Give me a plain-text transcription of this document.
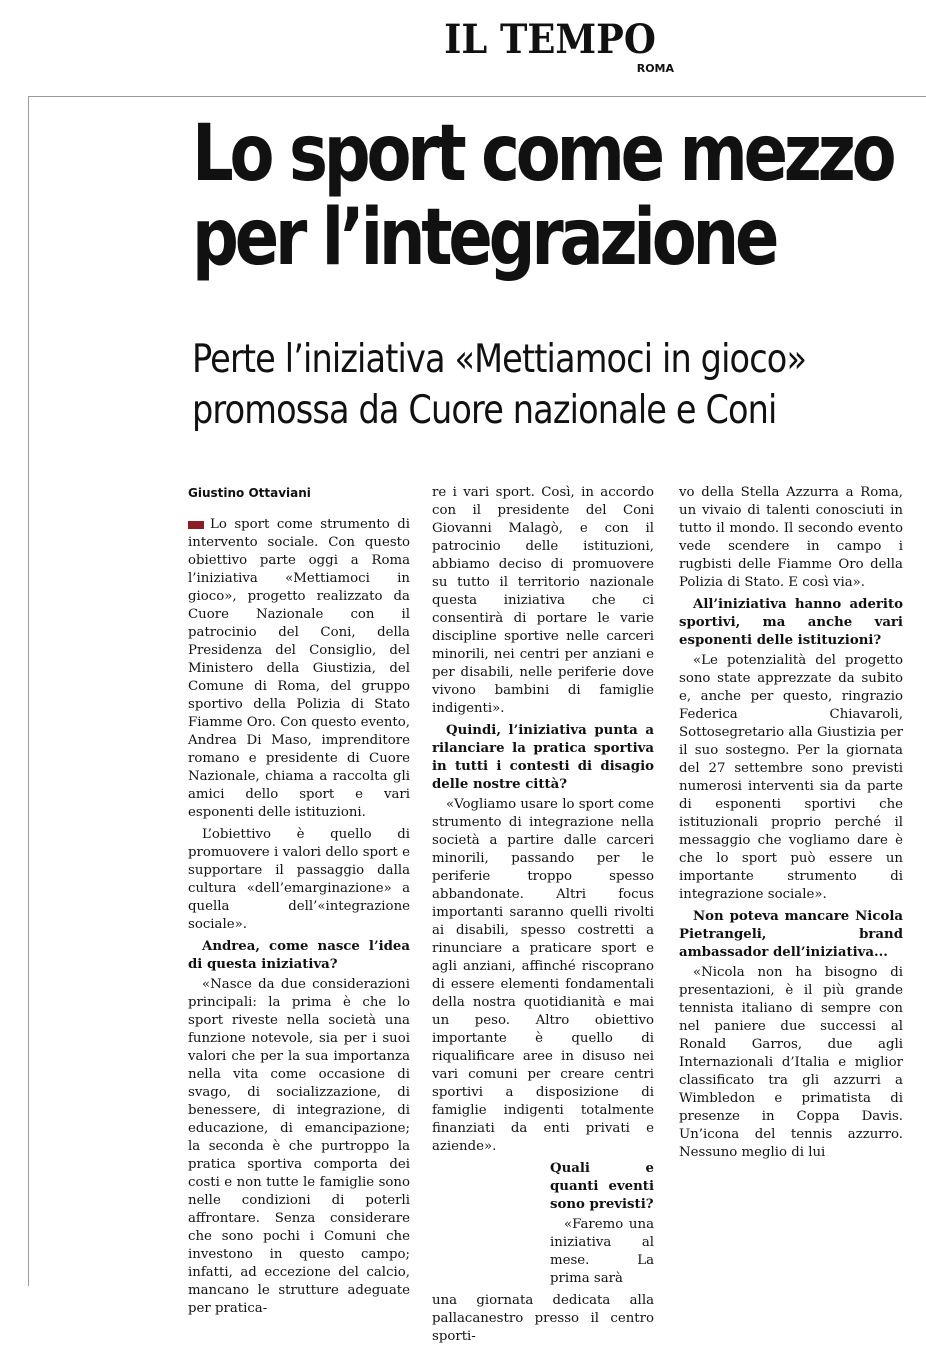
IL TEMPO
ROMA
Lo sport come mezzo
per l’integrazione
Perte l’iniziativa «Mettiamoci in gioco»
promossa da Cuore nazionale e Coni
Giustino Ottaviani

Lo sport come strumento di intervento sociale. Con questo obiettivo parte oggi a Roma l’iniziativa «Mettiamoci in gioco», progetto realizzato da Cuore Nazionale con il patrocinio del Coni, della Presidenza del Consiglio, del Ministero della Giustizia, del Comune di Roma, del gruppo sportivo della Polizia di Stato Fiamme Oro. Con questo evento, Andrea Di Maso, imprenditore romano e presidente di Cuore Nazionale, chiama a raccolta gli amici dello sport e vari esponenti delle istituzioni.

L’obiettivo è quello di promuovere i valori dello sport e supportare il passaggio dalla cultura «dell’emarginazione» a quella dell’«integrazione sociale».

Andrea, come nasce l’idea di questa iniziativa?

«Nasce da due considerazioni principali: la prima è che lo sport riveste nella società una funzione notevole, sia per i suoi valori che per la sua importanza nella vita come occasione di svago, di socializzazione, di benessere, di integrazione, di educazione, di emancipazione; la seconda è che purtroppo la pratica sportiva comporta dei costi e non tutte le famiglie sono nelle condizioni di poterli affrontare. Senza considerare che sono pochi i Comuni che investono in questo campo; infatti, ad eccezione del calcio, mancano le strutture adeguate per pratica-

re i vari sport. Così, in accordo con il presidente del Coni Giovanni Malagò, e con il patrocinio delle istituzioni, abbiamo deciso di promuovere su tutto il territorio nazionale questa iniziativa che ci consentirà di portare le varie discipline sportive nelle carceri minorili, nei centri per anziani e per disabili, nelle periferie dove vivono bambini di famiglie indigenti».

Quindi, l’iniziativa punta a rilanciare la pratica sportiva in tutti i contesti di disagio delle nostre città?

«Vogliamo usare lo sport come strumento di integrazione nella società a partire dalle carceri minorili, passando per le periferie troppo spesso abbandonate. Altri focus importanti saranno quelli rivolti ai disabili, spesso costretti a rinunciare a praticare sport e agli anziani, affinché riscoprano di essere elementi fondamentali della nostra quotidianità e mai un peso. Altro obiettivo importante è quello di riqualificare aree in disuso nei vari comuni per creare centri sportivi a disposizione di famiglie indigenti totalmente finanziati da enti privati e aziende».

Quali e quanti eventi sono previsti?

«Faremo una iniziativa al mese. La prima sarà

una giornata dedicata alla pallacanestro presso il centro sporti-

vo della Stella Azzurra a Roma, un vivaio di talenti conosciuti in tutto il mondo. Il secondo evento vede scendere in campo i rugbisti delle Fiamme Oro della Polizia di Stato. E così via».

All’iniziativa hanno aderito sportivi, ma anche vari esponenti delle istituzioni?

«Le potenzialità del progetto sono state apprezzate da subito e, anche per questo, ringrazio Federica Chiavaroli, Sottosegretario alla Giustizia per il suo sostegno. Per la giornata del 27 settembre sono previsti numerosi interventi sia da parte di esponenti sportivi che istituzionali proprio perché il messaggio che vogliamo dare è che lo sport può essere un importante strumento di integrazione sociale».

Non poteva mancare Nicola Pietrangeli, brand ambassador dell’iniziativa...

«Nicola non ha bisogno di presentazioni, è il più grande tennista italiano di sempre con nel paniere due successi al Ronald Garros, due agli Internazionali d’Italia e miglior classificato tra gli azzurri a Wimbledon e primatista di presenze in Coppa Davis. Un’icona del tennis azzurro. Nessuno meglio di lui
